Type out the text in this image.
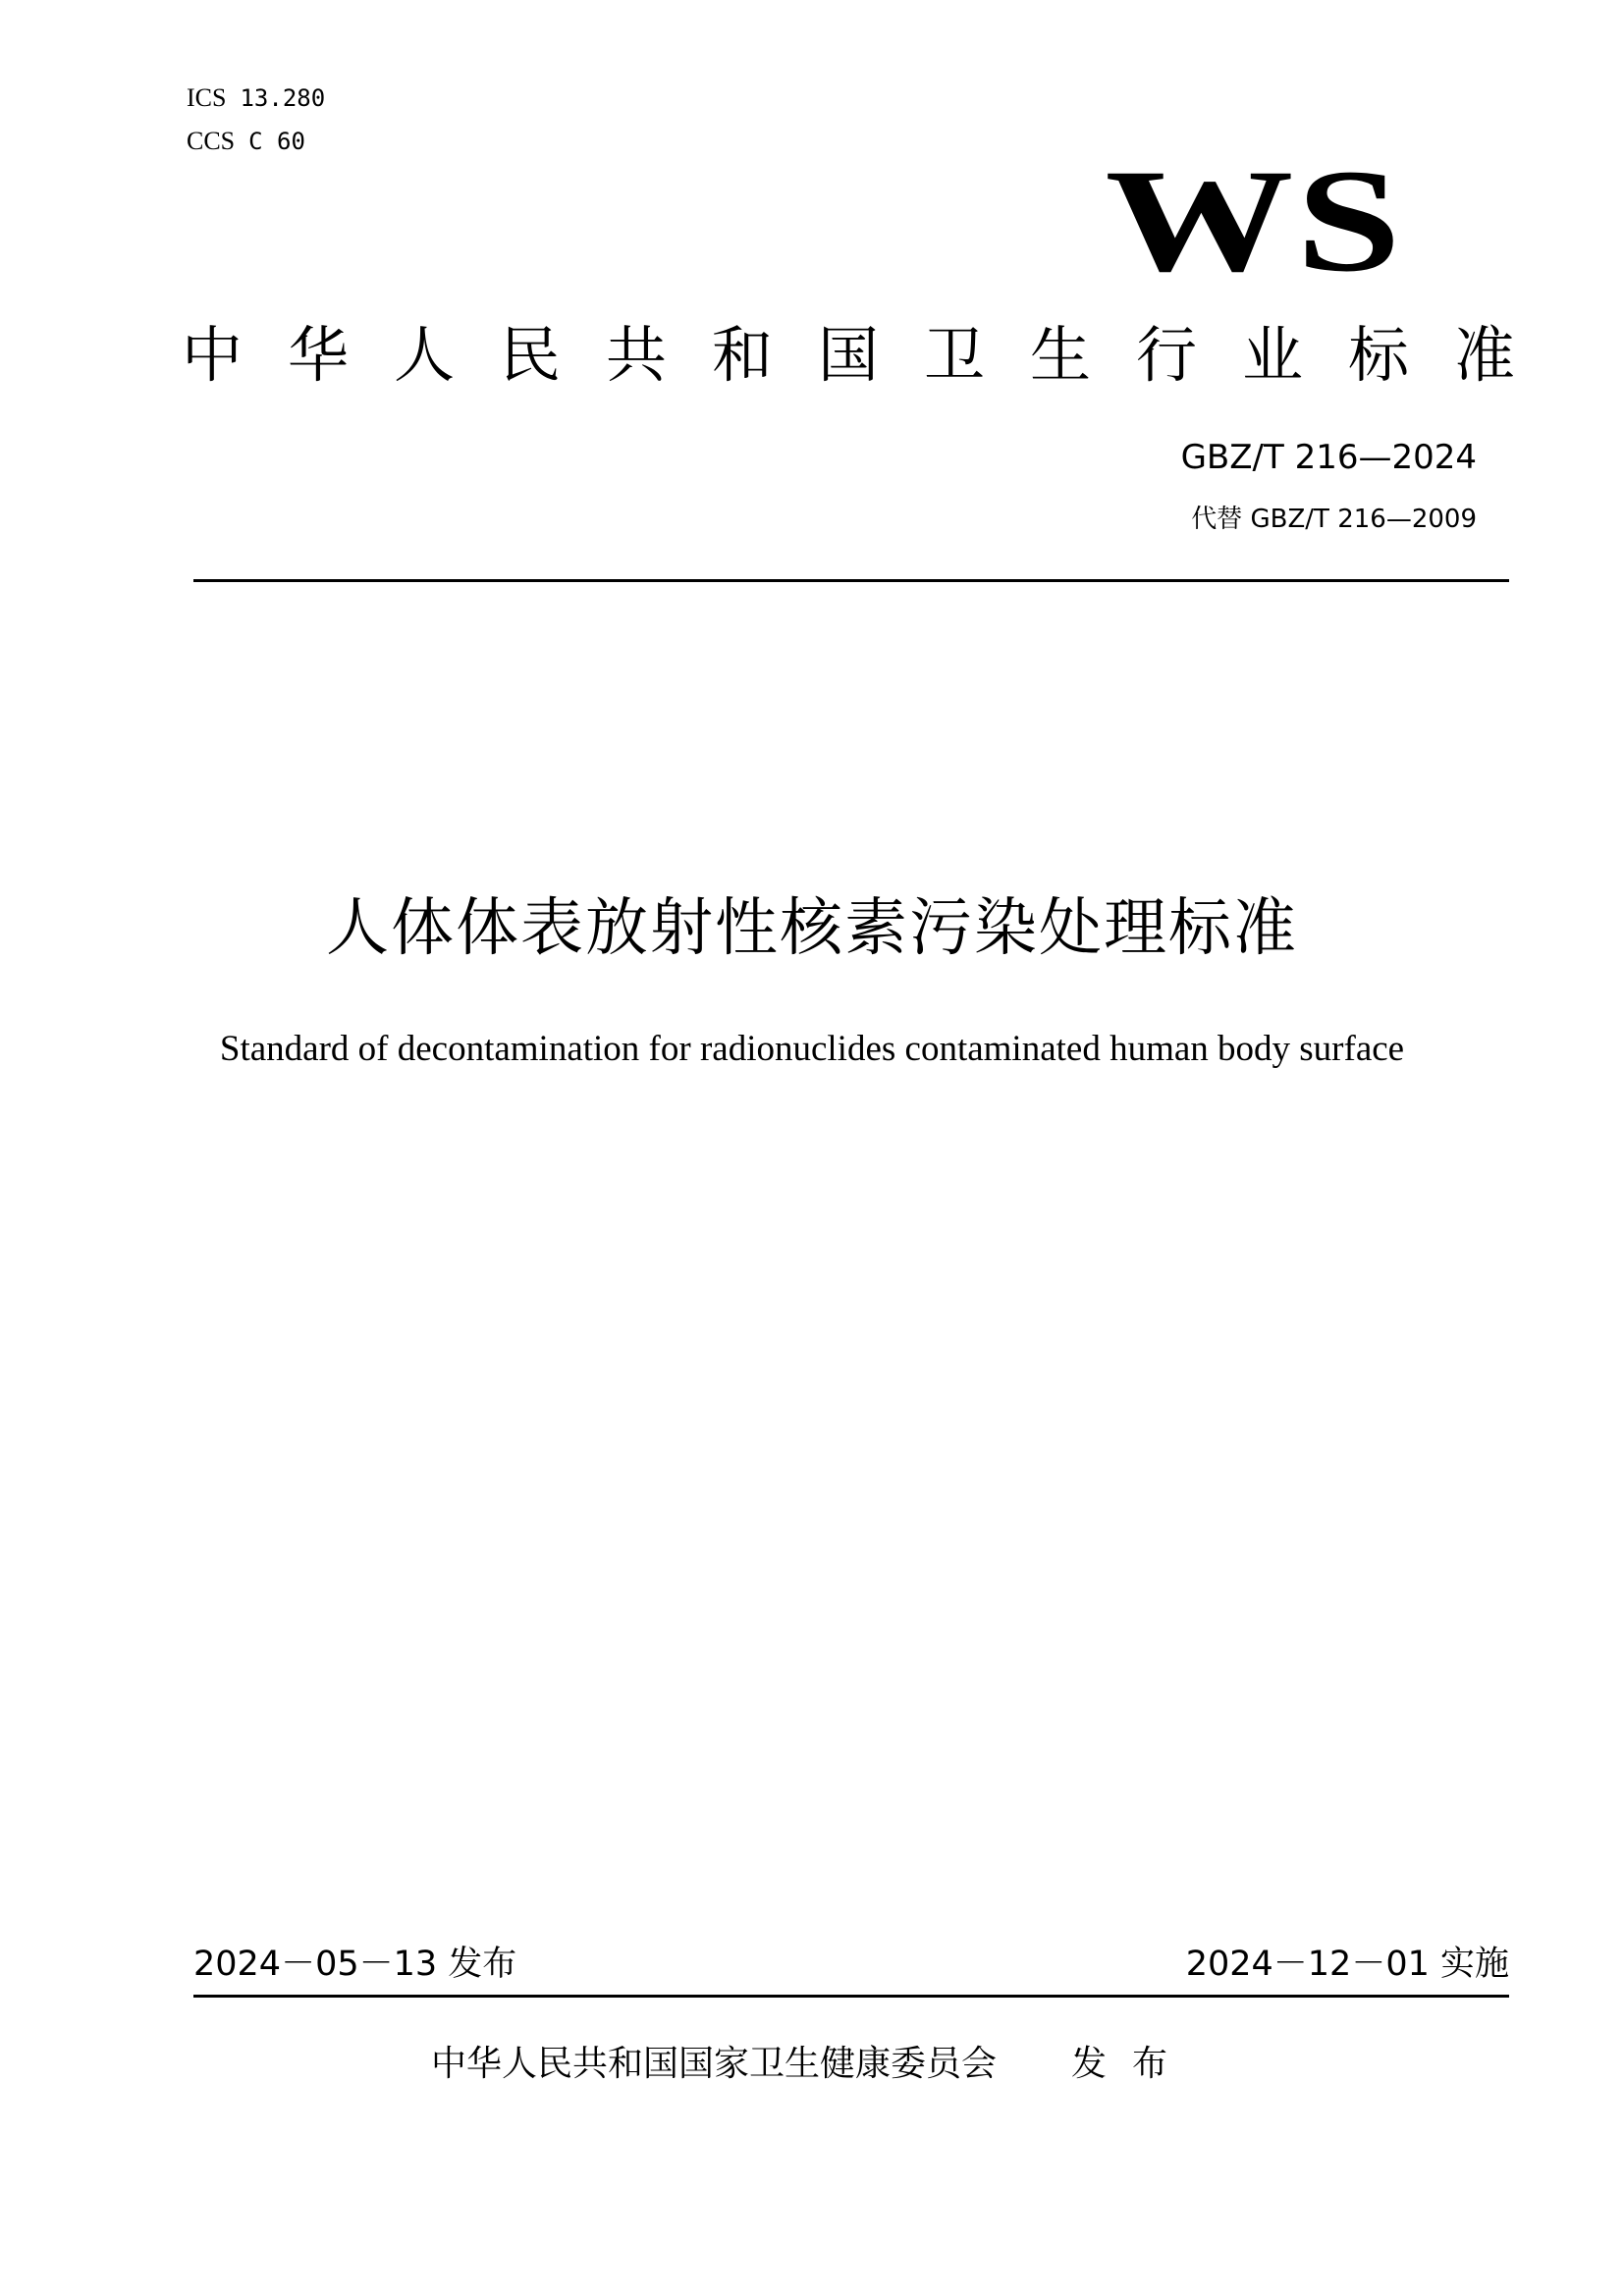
ICS 13.280
CCS C 60	WS
中华人民共和国卫生行业标准
GBZ/T 216—2024
代替 GBZ/T 216—2009
人体体表放射性核素污染处理标准
Standard of decontamination for radionuclides contaminated human body surface
2024－05－13 发布	2024－12－01 实施
中华人民共和国国家卫生健康委员会 发布
